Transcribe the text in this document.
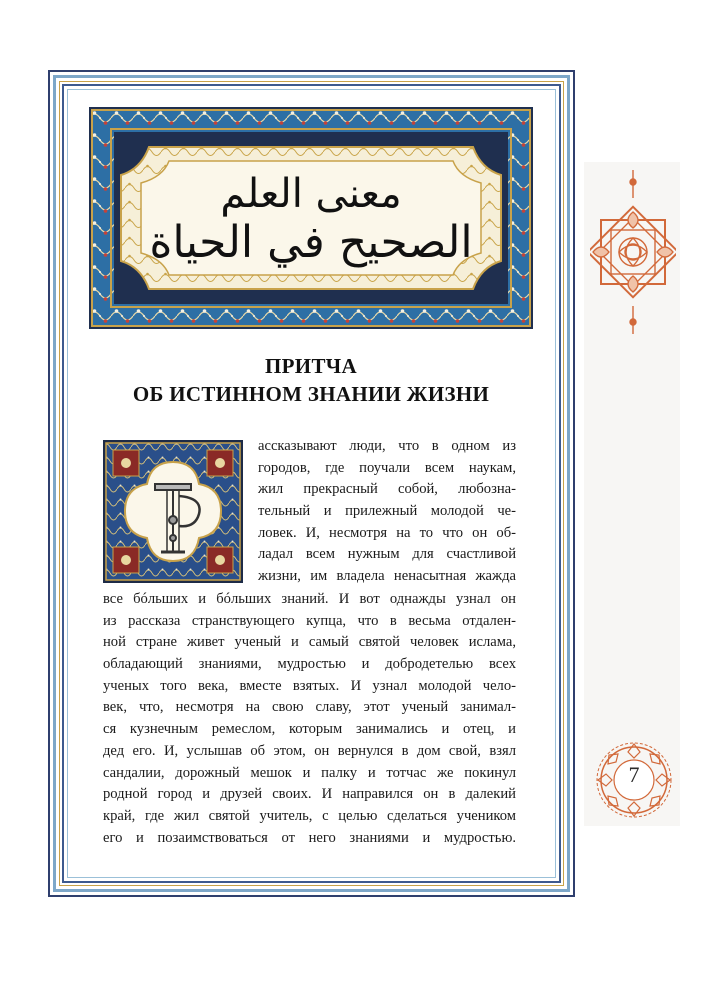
7
معنى العلم
الصحيح في الحياة
ПРИТЧА
ОБ ИСТИННОМ ЗНАНИИ ЖИЗНИ
Р
ассказывают люди, что в одном из
городов, где поучали всем наукам,
жил прекрасный собой, любозна-
тельный и прилежный молодой че-
ловек. И, несмотря на то что он об-
ладал всем нужным для счастливой
жизни, им владела ненасытная жажда
все бóльших и бóльших знаний. И вот однажды узнал он
из рассказа странствующего купца, что в весьма отдален-
ной стране живет ученый и самый святой человек ислама,
обладающий знаниями, мудростью и добродетелью всех
ученых того века, вместе взятых. И узнал молодой чело-
век, что, несмотря на свою славу, этот ученый занимал-
ся кузнечным ремеслом, которым занимались и отец, и
дед его. И, услышав об этом, он вернулся в дом свой, взял
сандалии, дорожный мешок и палку и тотчас же покинул
родной город и друзей своих. И направился он в далекий
край, где жил святой учитель, с целью сделаться учеником
его и позаимствоваться от него знаниями и мудростью.
